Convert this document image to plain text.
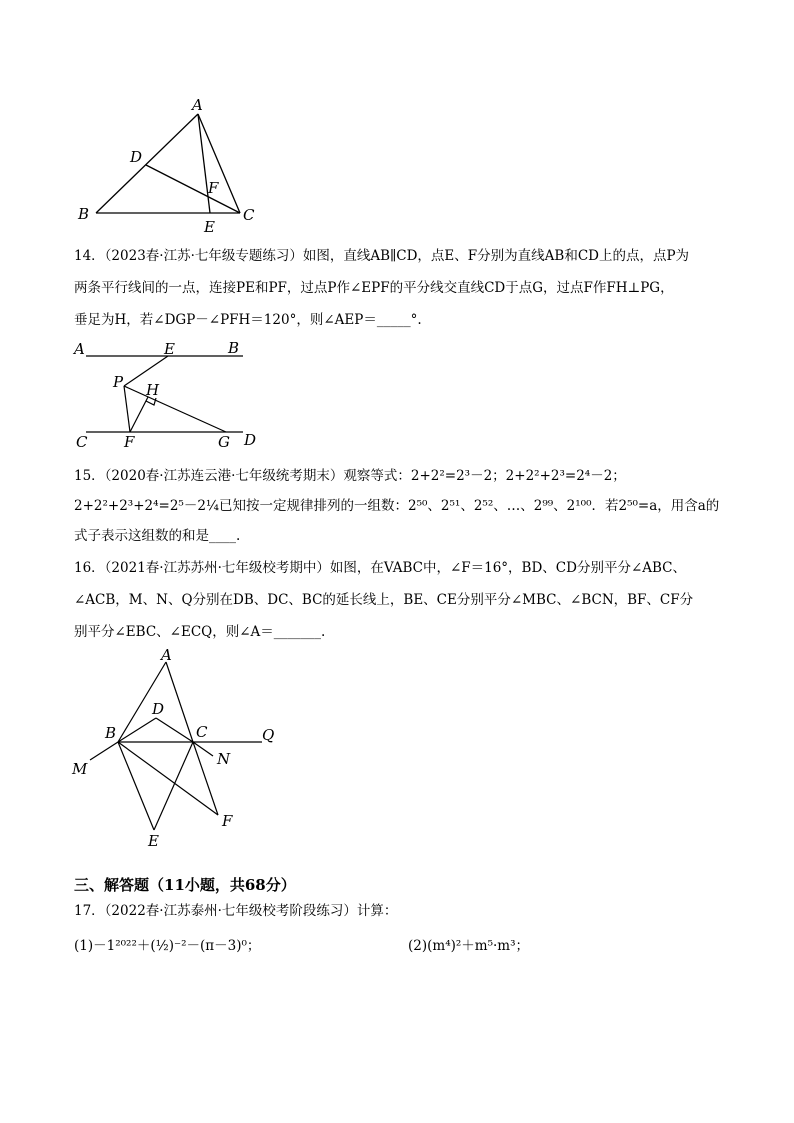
A
D
F
B
E
C
14．（2023春·江苏·七年级专题练习）如图，直线AB∥CD，点E、F分别为直线AB和CD上的点，点P为
两条平行线间的一点，连接PE和PF，过点P作∠EPF的平分线交直线CD于点G，过点F作FH⊥PG，
垂足为H，若∠DGP－∠PFH＝120°，则∠AEP＝_____°.
A	E	B
P H
C F	G D
15．（2020春·江苏连云港·七年级统考期末）观察等式：2+2²=2³－2；2+2²+2³=2⁴－2；
2+2²+2³+2⁴=2⁵－2¼已知按一定规律排列的一组数：2⁵⁰、2⁵¹、2⁵²、…、2⁹⁹、2¹⁰⁰．若2⁵⁰=a，用含a的
式子表示这组数的和是____.
16．（2021春·江苏苏州·七年级校考期中）如图，在VABC中，∠F＝16°，BD、CD分别平分∠ABC、
∠ACB，M、N、Q分别在DB、DC、BC的延长线上，BE、CE分别平分∠MBC、∠BCN，BF、CF分
别平分∠EBC、∠ECQ，则∠A＝_______.
A
D
B	C	Q
N
M
F
E
三、解答题（11小题，共68分）
17．（2022春·江苏泰州·七年级校考阶段练习）计算：
(1)－1²⁰²²＋(½)⁻²－(π－3)⁰；	(2)(m⁴)²＋m⁵·m³；
